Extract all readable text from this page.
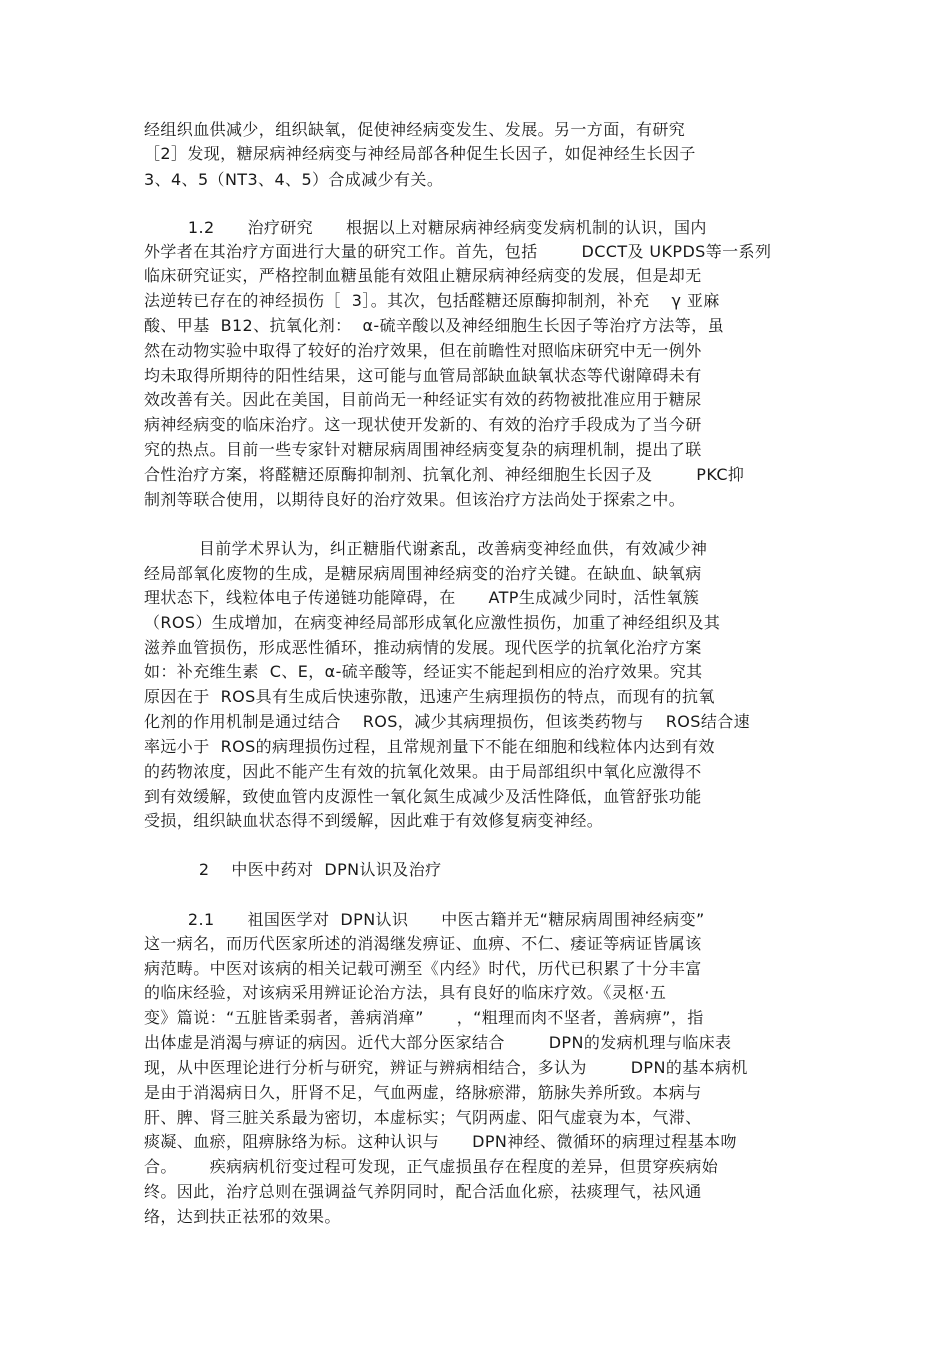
经组织血供减少，组织缺氧，促使神经病变发生、发展。另一方面，有研究
［2］发现，糖尿病神经病变与神经局部各种促生长因子，如促神经生长因子
3、4、5（NT3、4、5）合成减少有关。
1.2      治疗研究      根据以上对糖尿病神经病变发病机制的认识，国内
外学者在其治疗方面进行大量的研究工作。首先，包括        DCCT及 UKPDS等一系列
临床研究证实，严格控制血糖虽能有效阻止糖尿病神经病变的发展，但是却无
法逆转已存在的神经损伤［  3］。其次，包括醛糖还原酶抑制剂，补充    γ 亚麻
酸、甲基  B12、抗氧化剂：  α-硫辛酸以及神经细胞生长因子等治疗方法等，虽
然在动物实验中取得了较好的治疗效果，但在前瞻性对照临床研究中无一例外
均未取得所期待的阳性结果，这可能与血管局部缺血缺氧状态等代谢障碍未有
效改善有关。因此在美国，目前尚无一种经证实有效的药物被批准应用于糖尿
病神经病变的临床治疗。这一现状使开发新的、有效的治疗手段成为了当今研
究的热点。目前一些专家针对糖尿病周围神经病变复杂的病理机制，提出了联
合性治疗方案，将醛糖还原酶抑制剂、抗氧化剂、神经细胞生长因子及        PKC抑
制剂等联合使用，以期待良好的治疗效果。但该治疗方法尚处于探索之中。
目前学术界认为，纠正糖脂代谢紊乱，改善病变神经血供，有效减少神
经局部氧化废物的生成，是糖尿病周围神经病变的治疗关键。在缺血、缺氧病
理状态下，线粒体电子传递链功能障碍，在      ATP生成减少同时，活性氧簇
（ROS）生成增加，在病变神经局部形成氧化应激性损伤，加重了神经组织及其
滋养血管损伤，形成恶性循环，推动病情的发展。现代医学的抗氧化治疗方案
如：补充维生素  C、E，α-硫辛酸等，经证实不能起到相应的治疗效果。究其
原因在于  ROS具有生成后快速弥散，迅速产生病理损伤的特点，而现有的抗氧
化剂的作用机制是通过结合    ROS，减少其病理损伤，但该类药物与    ROS结合速
率远小于  ROS的病理损伤过程，且常规剂量下不能在细胞和线粒体内达到有效
的药物浓度，因此不能产生有效的抗氧化效果。由于局部组织中氧化应激得不
到有效缓解，致使血管内皮源性一氧化氮生成减少及活性降低，血管舒张功能
受损，组织缺血状态得不到缓解，因此难于有效修复病变神经。
2    中医中药对  DPN认识及治疗
2.1      祖国医学对  DPN认识      中医古籍并无“糖尿病周围神经病变”
这一病名，而历代医家所述的消渴继发痹证、血痹、不仁、痿证等病证皆属该
病范畴。中医对该病的相关记载可溯至《内经》时代，历代已积累了十分丰富
的临床经验，对该病采用辨证论治方法，具有良好的临床疗效。《灵枢·五
变》篇说：“五脏皆柔弱者，善病消瘅”      ，“粗理而肉不坚者，善病痹”，指
出体虚是消渴与痹证的病因。近代大部分医家结合        DPN的发病机理与临床表
现，从中医理论进行分析与研究，辨证与辨病相结合，多认为        DPN的基本病机
是由于消渴病日久，肝肾不足，气血两虚，络脉瘀滞，筋脉失养所致。本病与
肝、脾、肾三脏关系最为密切，本虚标实；气阴两虚、阳气虚衰为本，气滞、
痰凝、血瘀，阻痹脉络为标。这种认识与      DPN神经、微循环的病理过程基本吻
合。      疾病病机衍变过程可发现，正气虚损虽存在程度的差异，但贯穿疾病始
终。因此，治疗总则在强调益气养阴同时，配合活血化瘀，祛痰理气，祛风通
络，达到扶正祛邪的效果。
